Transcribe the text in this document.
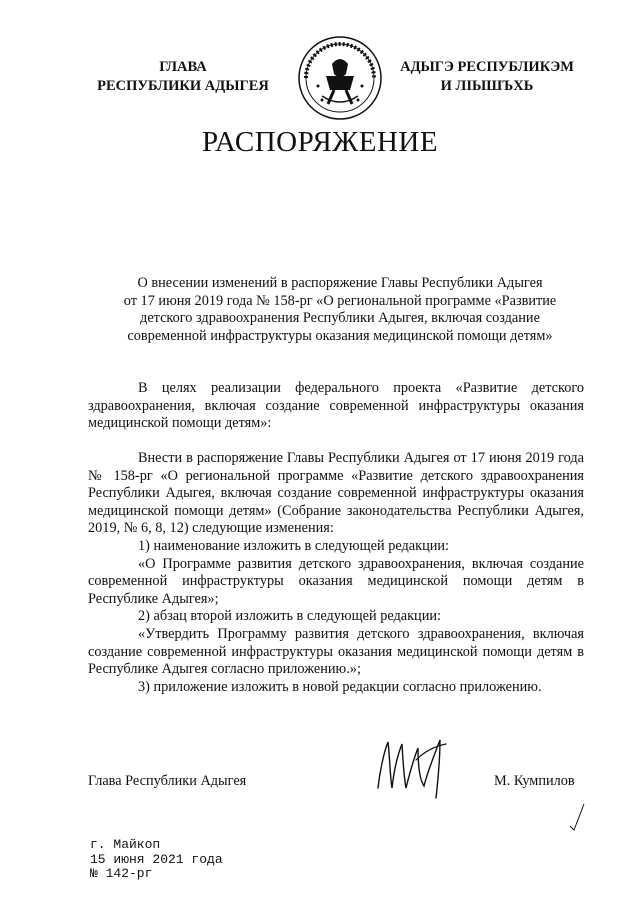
ГЛАВА
РЕСПУБЛИКИ АДЫГЕЯ
АДЫГЭ РЕСПУБЛИКЭМ
И ЛІЫШЪХЬ
РАСПОРЯЖЕНИЕ
О внесении изменений в распоряжение Главы Республики Адыгея
от 17 июня 2019 года № 158-рг «О региональной программе «Развитие
детского здравоохранения Республики Адыгея, включая создание
современной инфраструктуры оказания медицинской помощи детям»

В целях реализации федерального проекта «Развитие детского здравоохранения, включая создание современной инфраструктуры оказания медицинской помощи детям»:

Внести в распоряжение Главы Республики Адыгея от 17 июня 2019 года № 158-рг «О региональной программе «Развитие детского здравоохранения Республики Адыгея, включая создание современной инфраструктуры оказания медицинской помощи детям» (Собрание законодательства Республики Адыгея, 2019, № 6, 8, 12) следующие изменения:

1) наименование изложить в следующей редакции:

«О Программе развития детского здравоохранения, включая создание современной инфраструктуры оказания медицинской помощи детям в Республике Адыгея»;

2) абзац второй изложить в следующей редакции:

«Утвердить Программу развития детского здравоохранения, включая создание современной инфраструктуры оказания медицинской помощи детям в Республике Адыгея согласно приложению.»;

3) приложение изложить в новой редакции согласно приложению.

Глава Республики Адыгея	М. Кумпилов
г. Майкоп
15 июня 2021 года
№ 142-рг
